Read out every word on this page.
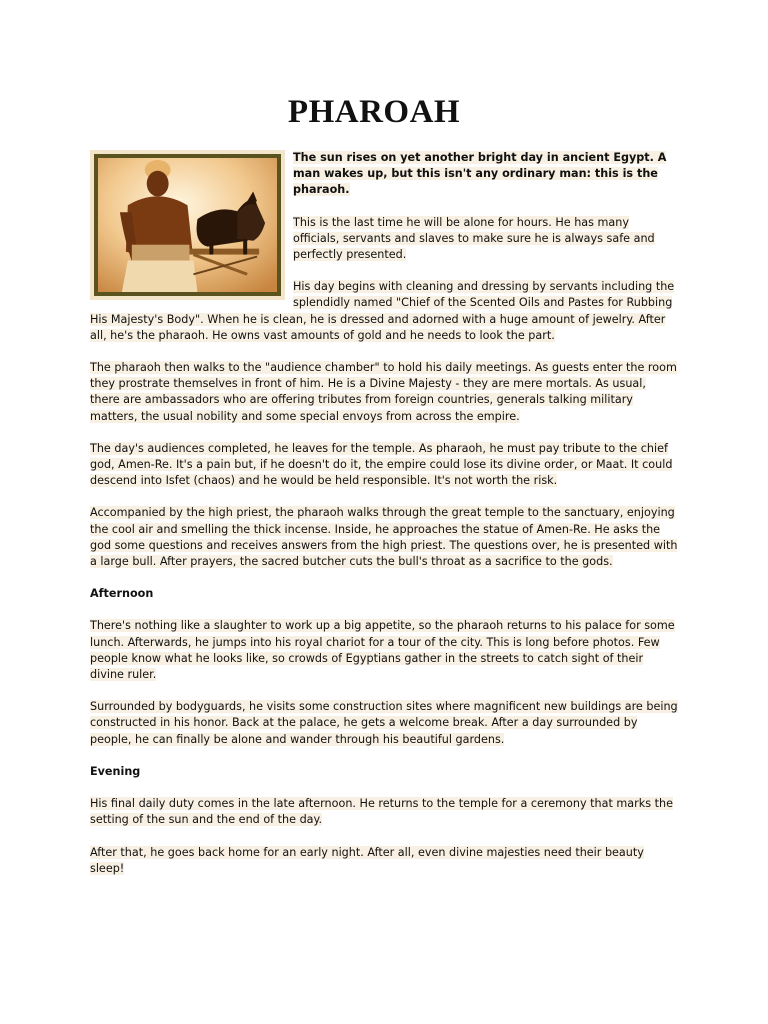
PHAROAH

The sun rises on yet another bright day in ancient Egypt. A man wakes up, but this isn't any ordinary man: this is the pharaoh.

This is the last time he will be alone for hours. He has many officials, servants and slaves to make sure he is always safe and perfectly presented.

His day begins with cleaning and dressing by servants including the splendidly named "Chief of the Scented Oils and Pastes for Rubbing His Majesty's Body". When he is clean, he is dressed and adorned with a huge amount of jewelry. After all, he's the pharaoh. He owns vast amounts of gold and he needs to look the part.

The pharaoh then walks to the "audience chamber" to hold his daily meetings. As guests enter the room they prostrate themselves in front of him. He is a Divine Majesty - they are mere mortals. As usual, there are ambassadors who are offering tributes from foreign countries, generals talking military matters, the usual nobility and some special envoys from across the empire.

The day's audiences completed, he leaves for the temple. As pharaoh, he must pay tribute to the chief god, Amen-Re. It's a pain but, if he doesn't do it, the empire could lose its divine order, or Maat. It could descend into Isfet (chaos) and he would be held responsible. It's not worth the risk.

Accompanied by the high priest, the pharaoh walks through the great temple to the sanctuary, enjoying the cool air and smelling the thick incense. Inside, he approaches the statue of Amen-Re. He asks the god some questions and receives answers from the high priest. The questions over, he is presented with a large bull. After prayers, the sacred butcher cuts the bull's throat as a sacrifice to the gods.

Afternoon

There's nothing like a slaughter to work up a big appetite, so the pharaoh returns to his palace for some lunch. Afterwards, he jumps into his royal chariot for a tour of the city. This is long before photos. Few people know what he looks like, so crowds of Egyptians gather in the streets to catch sight of their divine ruler.

Surrounded by bodyguards, he visits some construction sites where magnificent new buildings are being constructed in his honor. Back at the palace, he gets a welcome break. After a day surrounded by people, he can finally be alone and wander through his beautiful gardens.

Evening

His final daily duty comes in the late afternoon. He returns to the temple for a ceremony that marks the setting of the sun and the end of the day.

After that, he goes back home for an early night. After all, even divine majesties need their beauty sleep!
